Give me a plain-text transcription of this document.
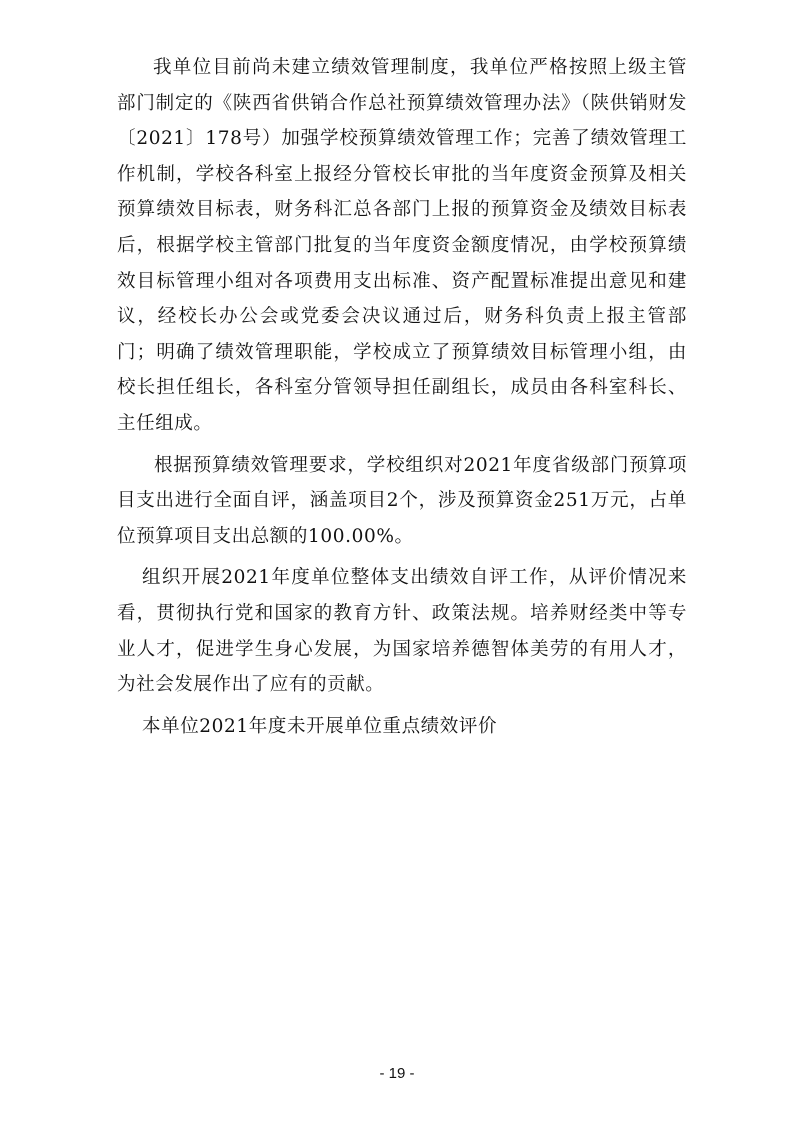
我单位目前尚未建立绩效管理制度，我单位严格按照上级主管部门制定的《陕西省供销合作总社预算绩效管理办法》（陕供销财发〔2021〕178号）加强学校预算绩效管理工作；完善了绩效管理工作机制，学校各科室上报经分管校长审批的当年度资金预算及相关预算绩效目标表，财务科汇总各部门上报的预算资金及绩效目标表后，根据学校主管部门批复的当年度资金额度情况，由学校预算绩效目标管理小组对各项费用支出标准、资产配置标准提出意见和建议，经校长办公会或党委会决议通过后，财务科负责上报主管部门；明确了绩效管理职能，学校成立了预算绩效目标管理小组，由校长担任组长，各科室分管领导担任副组长，成员由各科室科长、主任组成。

根据预算绩效管理要求，学校组织对2021年度省级部门预算项目支出进行全面自评，涵盖项目2个，涉及预算资金251万元，占单位预算项目支出总额的100.00%。

组织开展2021年度单位整体支出绩效自评工作，从评价情况来看，贯彻执行党和国家的教育方针、政策法规。培养财经类中等专业人才，促进学生身心发展，为国家培养德智体美劳的有用人才，为社会发展作出了应有的贡献。

本单位2021年度未开展单位重点绩效评价

- 19 -
